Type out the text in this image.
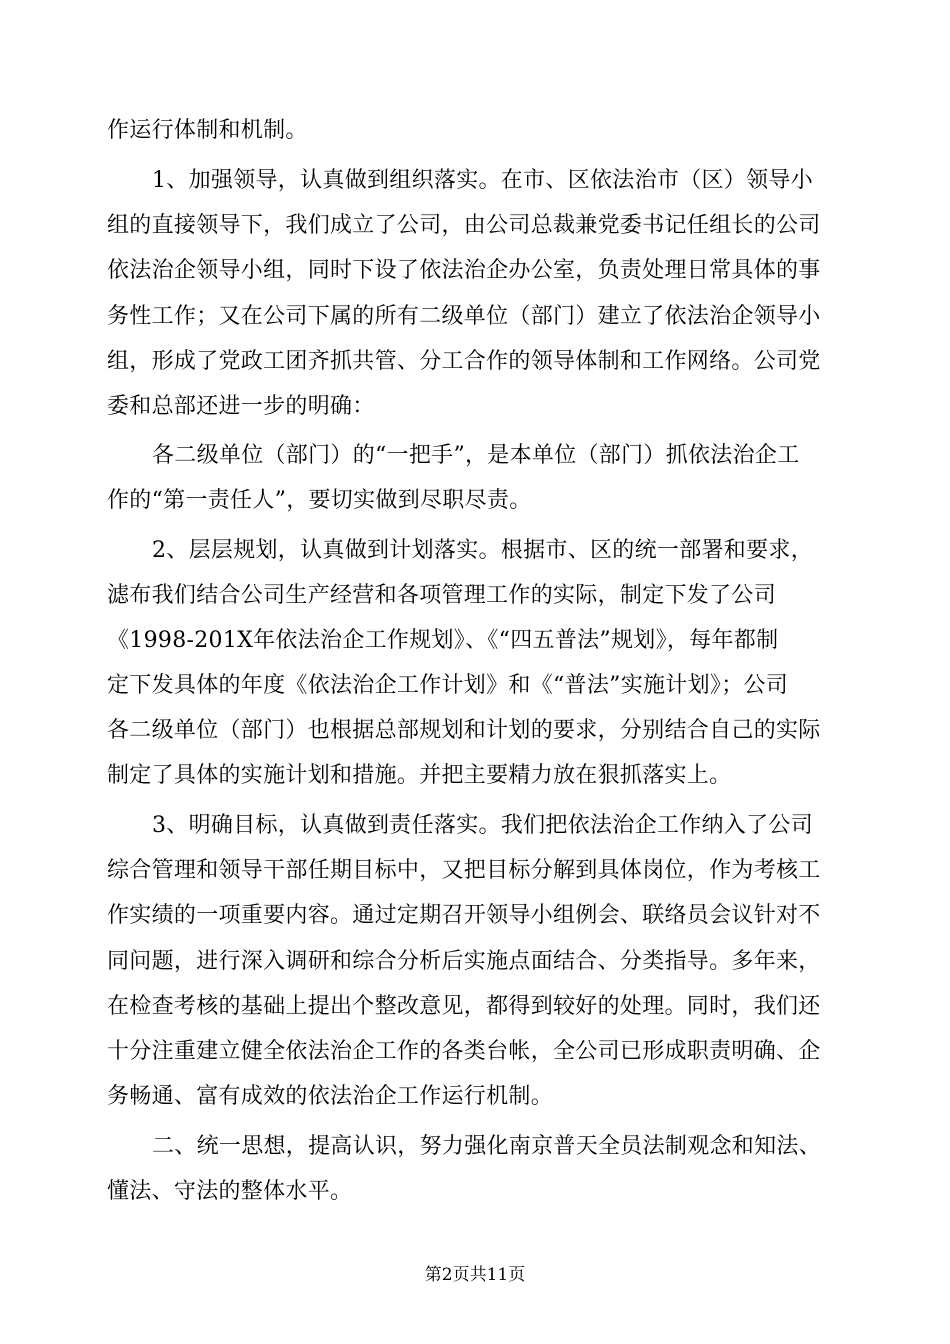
作运行体制和机制。
1、加强领导，认真做到组织落实。在市、区依法治市（区）领导小
组的直接领导下，我们成立了公司，由公司总裁兼党委书记任组长的公司
依法治企领导小组，同时下设了依法治企办公室，负责处理日常具体的事
务性工作；又在公司下属的所有二级单位（部门）建立了依法治企领导小
组，形成了党政工团齐抓共管、分工合作的领导体制和工作网络。公司党
委和总部还进一步的明确：
各二级单位（部门）的“一把手”，是本单位（部门）抓依法治企工
作的“第一责任人”，要切实做到尽职尽责。
2、层层规划，认真做到计划落实。根据市、区的统一部署和要求，
滤布我们结合公司生产经营和各项管理工作的实际，制定下发了公司
《1998-201X年依法治企工作规划》、《“四五普法”规划》，每年都制
定下发具体的年度《依法治企工作计划》和《“普法”实施计划》；公司
各二级单位（部门）也根据总部规划和计划的要求，分别结合自己的实际
制定了具体的实施计划和措施。并把主要精力放在狠抓落实上。
3、明确目标，认真做到责任落实。我们把依法治企工作纳入了公司
综合管理和领导干部任期目标中，又把目标分解到具体岗位，作为考核工
作实绩的一项重要内容。通过定期召开领导小组例会、联络员会议针对不
同问题，进行深入调研和综合分析后实施点面结合、分类指导。多年来，
在检查考核的基础上提出个整改意见，都得到较好的处理。同时，我们还
十分注重建立健全依法治企工作的各类台帐，全公司已形成职责明确、企
务畅通、富有成效的依法治企工作运行机制。
二、统一思想，提高认识，努力强化南京普天全员法制观念和知法、
懂法、守法的整体水平。
第2页共11页
